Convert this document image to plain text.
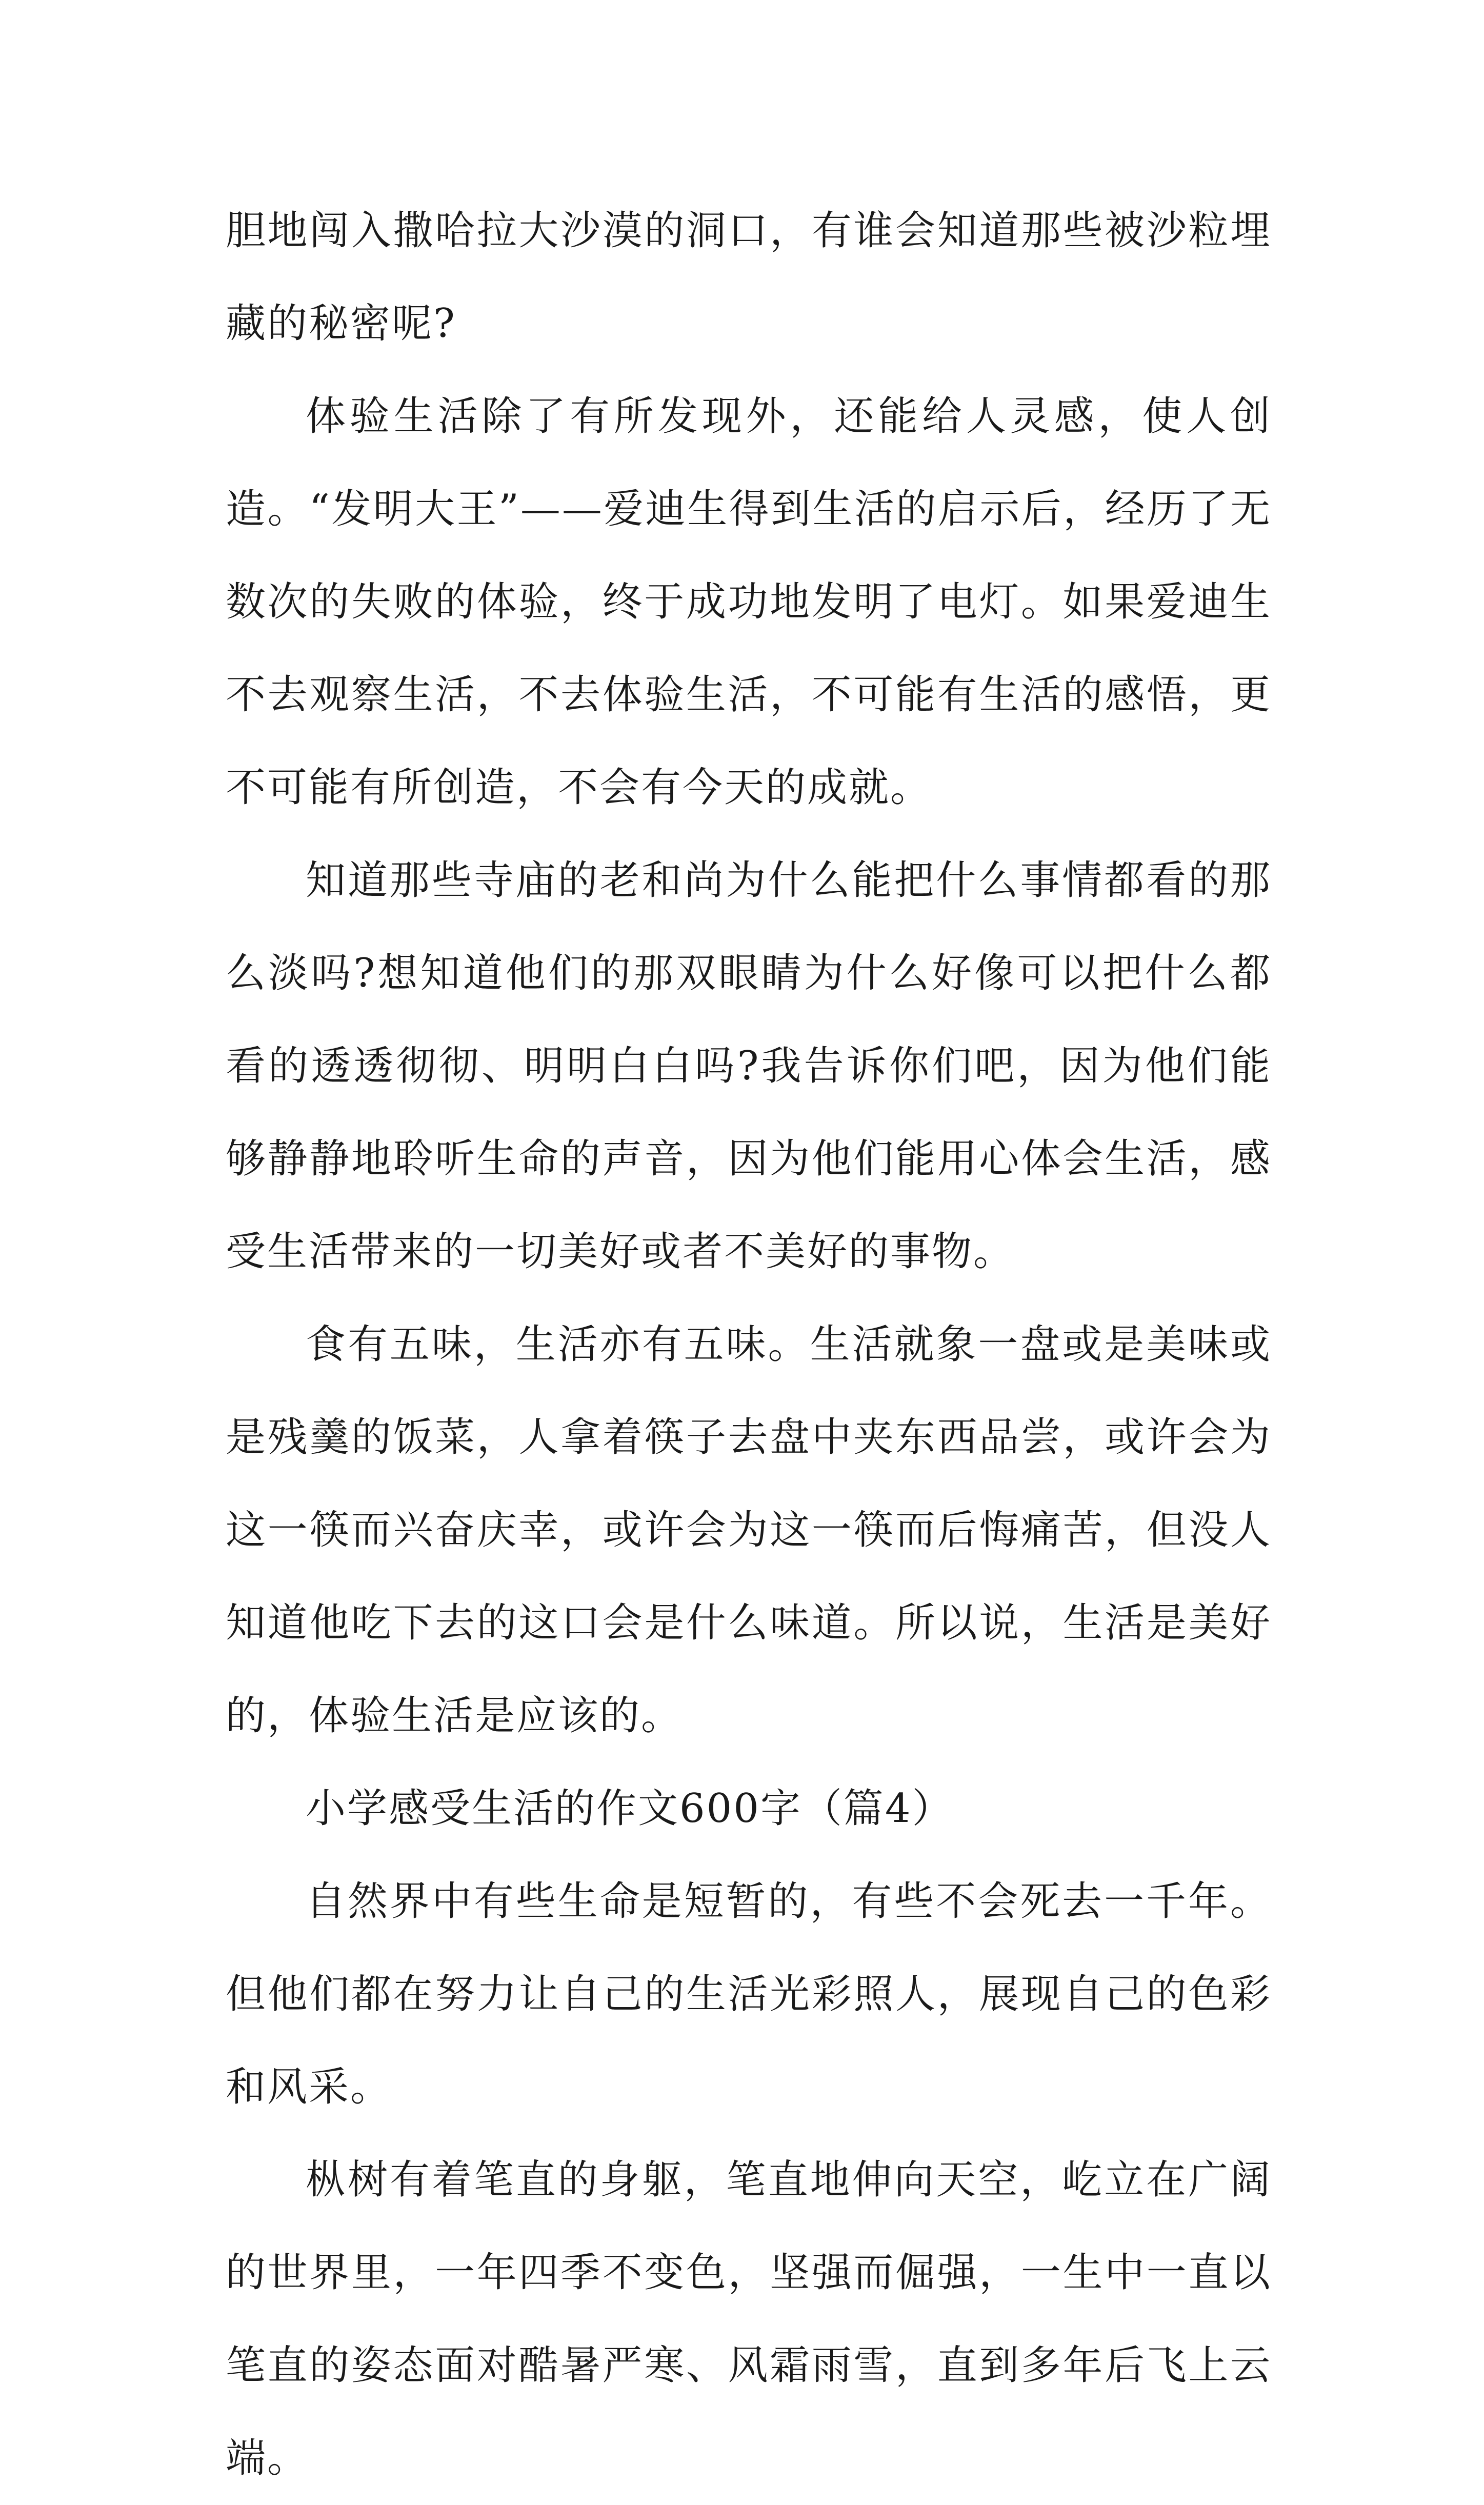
胆地闯入撒哈拉大沙漠的洞口，有谁会知道那些被沙粒埋藏的秘密呢?

体验生活除了有所发现外，还能给人灵感，使人创造。“发明大王”——爱迪生得到生活的启示后，经历了无数次的失败的体验，终于成功地发明了电灯。如果爱迪生不去观察生活，不去体验生活，不可能有生活的感悟，更不可能有所创造，不会有今天的成就。

知道那些寺庙的老和尚为什么能把什么事情都看的那么淡吗?想知道他们的那双眼睛为什么好像可以把什么都看的透透彻彻、明明白白吗?我告诉你们吧，因为他们能够静静地聆听生命的声音，因为他们能用心体会生活，感受生活带来的一切美好或者不美好的事物。

食有五味，生活亦有五味。生活就象一盘或是美味或是残羹的饭菜，人拿着筷子去盘中夹东西品尝，或许会为这一筷而兴奋庆幸，或许会为这一筷而后悔痛苦，但没人知道他吃下去的这口会是什么味道。所以说，生活是美好的，体验生活是应该的。

小学感受生活的作文600字（篇4）

自然界中有些生命是短暂的，有些不会死去一千年。但他们都在努力让自己的生活光彩照人，展现自己的色彩和风采。

枞树有着笔直的身躯，笔直地伸向天空，屹立在广阔的世界里，一年四季不变色，坚强而倔强，一生中一直以笔直的姿态面对酷暑严寒、风霜雨雪，直到多年后飞上云端。
